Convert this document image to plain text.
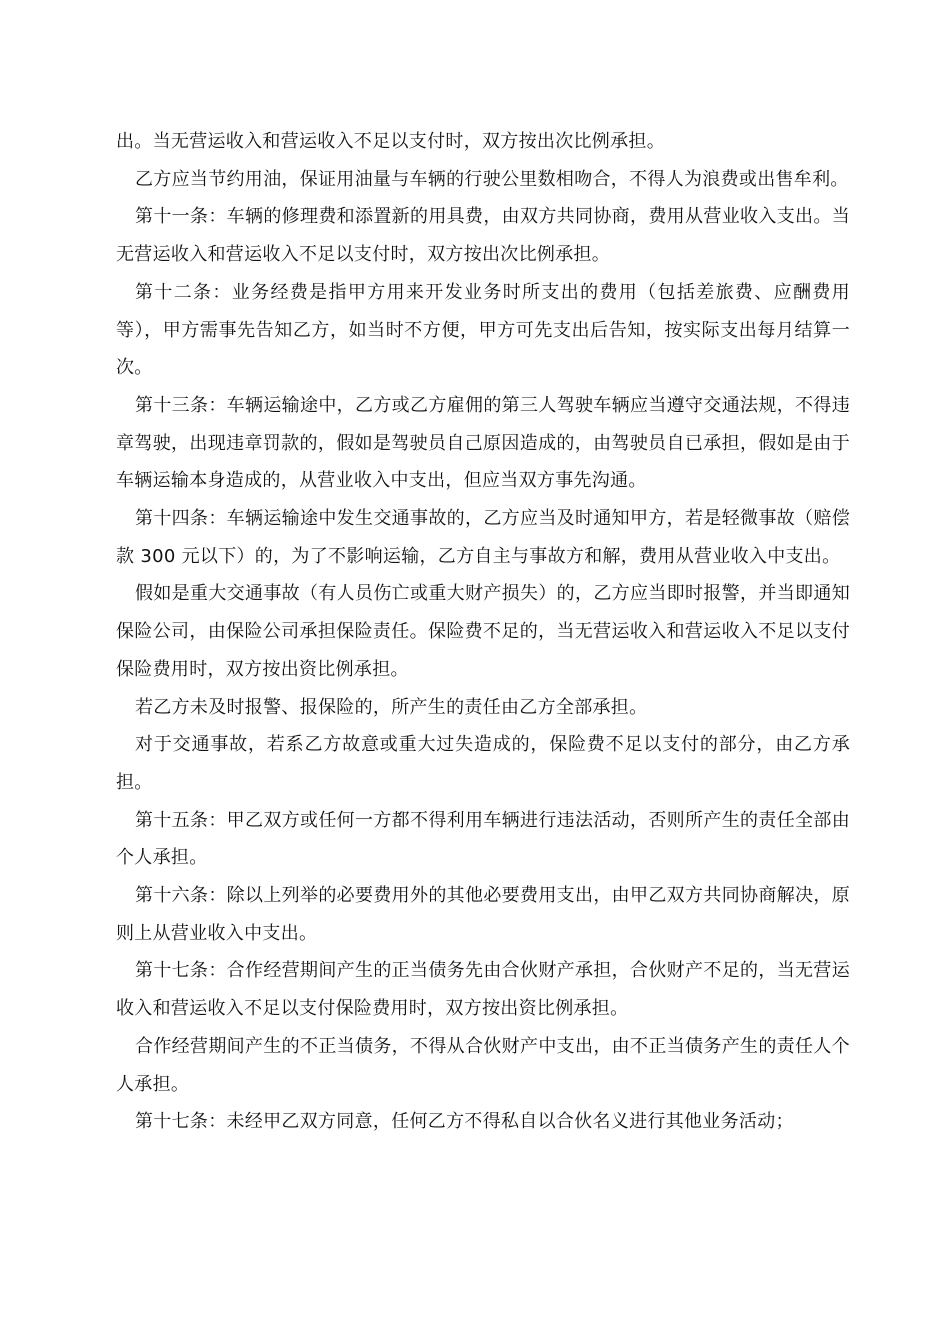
出。当无营运收入和营运收入不足以支付时，双方按出次比例承担。

乙方应当节约用油，保证用油量与车辆的行驶公里数相吻合，不得人为浪费或出售牟利。

第十一条：车辆的修理费和添置新的用具费，由双方共同协商，费用从营业收入支出。当无营运收入和营运收入不足以支付时，双方按出次比例承担。

第十二条：业务经费是指甲方用来开发业务时所支出的费用（包括差旅费、应酬费用等），甲方需事先告知乙方，如当时不方便，甲方可先支出后告知，按实际支出每月结算一次。

第十三条：车辆运输途中，乙方或乙方雇佣的第三人驾驶车辆应当遵守交通法规，不得违章驾驶，出现违章罚款的，假如是驾驶员自己原因造成的，由驾驶员自已承担，假如是由于车辆运输本身造成的，从营业收入中支出，但应当双方事先沟通。

第十四条：车辆运输途中发生交通事故的，乙方应当及时通知甲方，若是轻微事故（赔偿款 300 元以下）的，为了不影响运输，乙方自主与事故方和解，费用从营业收入中支出。

假如是重大交通事故（有人员伤亡或重大财产损失）的，乙方应当即时报警，并当即通知保险公司，由保险公司承担保险责任。保险费不足的，当无营运收入和营运收入不足以支付保险费用时，双方按出资比例承担。

若乙方未及时报警、报保险的，所产生的责任由乙方全部承担。

对于交通事故，若系乙方故意或重大过失造成的，保险费不足以支付的部分，由乙方承担。

第十五条：甲乙双方或任何一方都不得利用车辆进行违法活动，否则所产生的责任全部由个人承担。

第十六条：除以上列举的必要费用外的其他必要费用支出，由甲乙双方共同协商解决，原则上从营业收入中支出。

第十七条：合作经营期间产生的正当债务先由合伙财产承担，合伙财产不足的，当无营运收入和营运收入不足以支付保险费用时，双方按出资比例承担。

合作经营期间产生的不正当债务，不得从合伙财产中支出，由不正当债务产生的责任人个人承担。

第十七条：未经甲乙双方同意，任何乙方不得私自以合伙名义进行其他业务活动；
